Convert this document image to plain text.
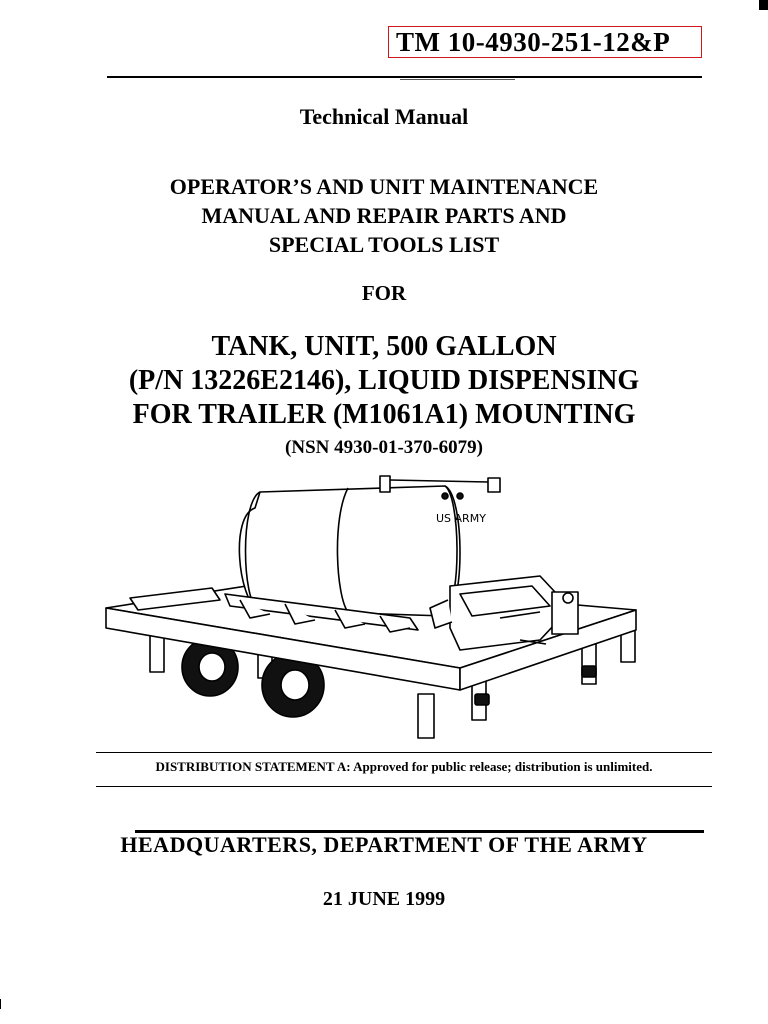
TM 10-4930-251-12&P
Technical Manual
OPERATOR’S AND UNIT MAINTENANCE
MANUAL AND REPAIR PARTS AND
SPECIAL TOOLS LIST
FOR
TANK, UNIT, 500 GALLON
(P/N 13226E2146), LIQUID DISPENSING
FOR TRAILER (M1061A1) MOUNTING
(NSN 4930-01-370-6079)
US ARMY
DISTRIBUTION STATEMENT A: Approved for public release; distribution is unlimited.
HEADQUARTERS, DEPARTMENT OF THE ARMY
21 JUNE 1999
